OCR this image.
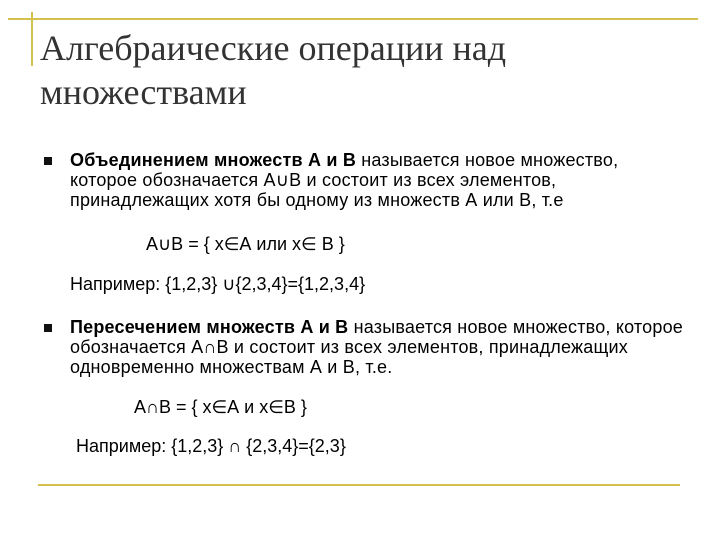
Алгебраические операции над множествами

Объединением множеств А и В называется новое множество, которое обозначается А∪В и состоит из всех элементов, принадлежащих хотя бы одному из множеств А или В, т.е

А∪В = { х∈А или х∈ В }

Например: {1,2,3} ∪{2,3,4}={1,2,3,4}

Пересечением множеств А и В называется новое множество, которое обозначается А∩В и состоит из всех элементов, принадлежащих одновременно множествам А и В, т.е.

А∩В = { х∈А и х∈В }

Например: {1,2,3} ∩ {2,3,4}={2,3}
